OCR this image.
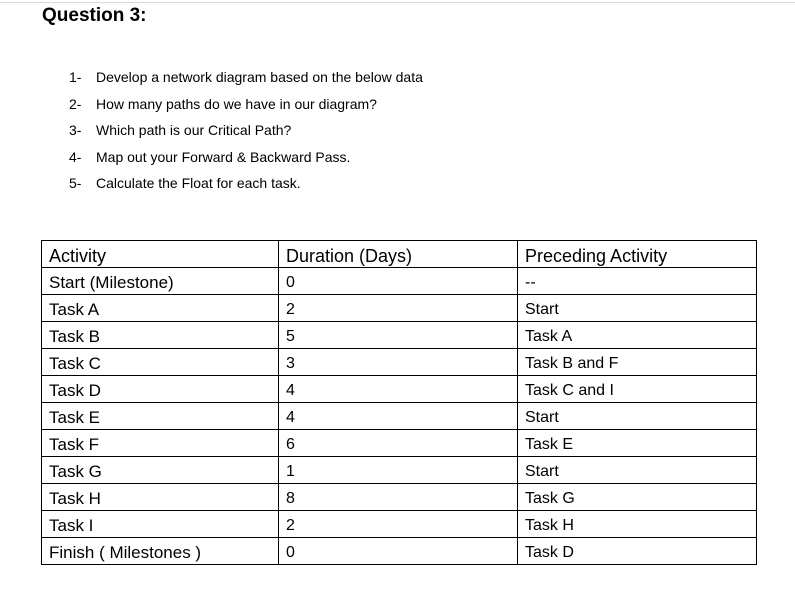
Question 3:
1- Develop a network diagram based on the below data
2- How many paths do we have in our diagram?
3- Which path is our Critical Path?
4- Map out your Forward & Backward Pass.
5- Calculate the Float for each task.
Activity	Duration (Days)	Preceding Activity
Start (Milestone)	0	--
Task A	2	Start
Task B	5	Task A
Task C	3	Task B and F
Task D	4	Task C and I
Task E	4	Start
Task F	6	Task E
Task G	1	Start
Task H	8	Task G
Task I	2	Task H
Finish ( Milestones )	0	Task D
